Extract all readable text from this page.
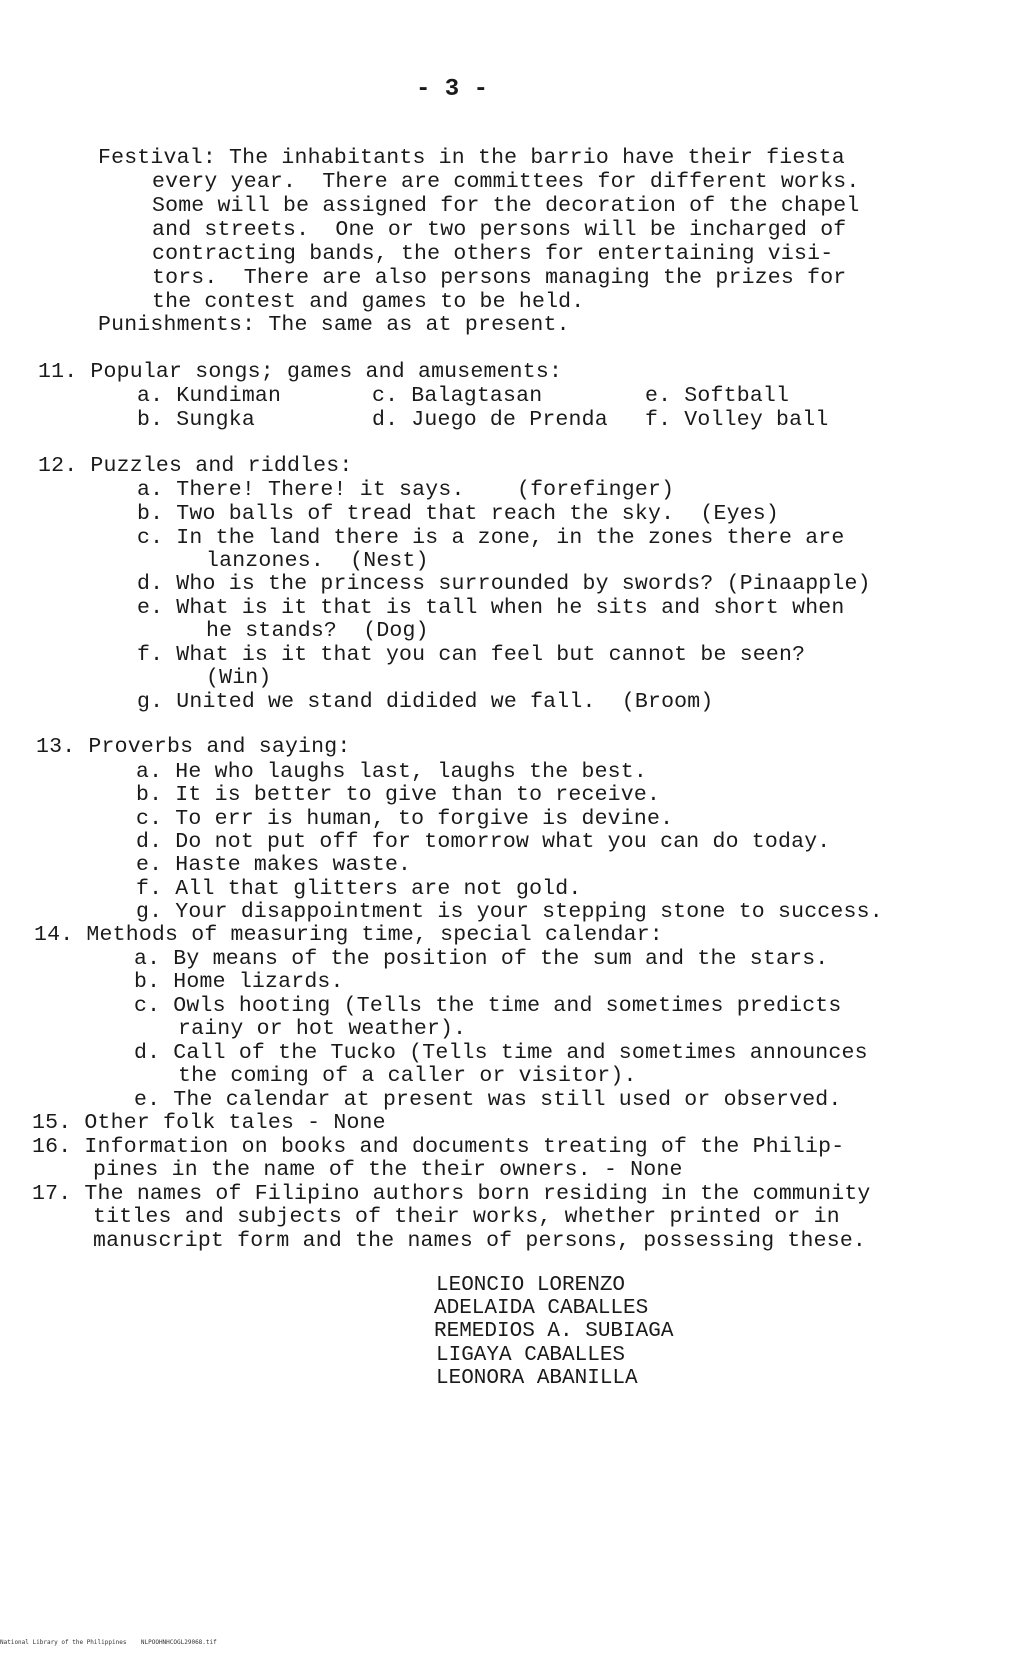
- 3 -
Festival: The inhabitants in the barrio have their fiesta
every year.  There are committees for different works.
Some will be assigned for the decoration of the chapel
and streets.  One or two persons will be incharged of
contracting bands, the others for entertaining visi-
tors.  There are also persons managing the prizes for
the contest and games to be held.
Punishments: The same as at present.
11. Popular songs; games and amusements:
a. Kundiman
b. Sungka
c. Balagtasan
d. Juego de Prenda
e. Softball
f. Volley ball
12. Puzzles and riddles:
a. There! There! it says.    (forefinger)
b. Two balls of tread that reach the sky.  (Eyes)
c. In the land there is a zone, in the zones there are
lanzones.  (Nest)
d. Who is the princess surrounded by swords? (Pinaapple)
e. What is it that is tall when he sits and short when
he stands?  (Dog)
f. What is it that you can feel but cannot be seen?
(Win)
g. United we stand didided we fall.  (Broom)
13. Proverbs and saying:
a. He who laughs last, laughs the best.
b. It is better to give than to receive.
c. To err is human, to forgive is devine.
d. Do not put off for tomorrow what you can do today.
e. Haste makes waste.
f. All that glitters are not gold.
g. Your disappointment is your stepping stone to success.
14. Methods of measuring time, special calendar:
a. By means of the position of the sum and the stars.
b. Home lizards.
c. Owls hooting (Tells the time and sometimes predicts
rainy or hot weather).
d. Call of the Tucko (Tells time and sometimes announces
the coming of a caller or visitor).
e. The calendar at present was still used or observed.
15. Other folk tales - None
16. Information on books and documents treating of the Philip-
pines in the name of the their owners. - None
17. The names of Filipino authors born residing in the community
titles and subjects of their works, whether printed or in
manuscript form and the names of persons, possessing these.
LEONCIO LORENZO
ADELAIDA CABALLES
REMEDIOS A. SUBIAGA
LIGAYA CABALLES
LEONORA ABANILLA
National Library of the Philippines    NLPOOHNHCOGL29068.tif
